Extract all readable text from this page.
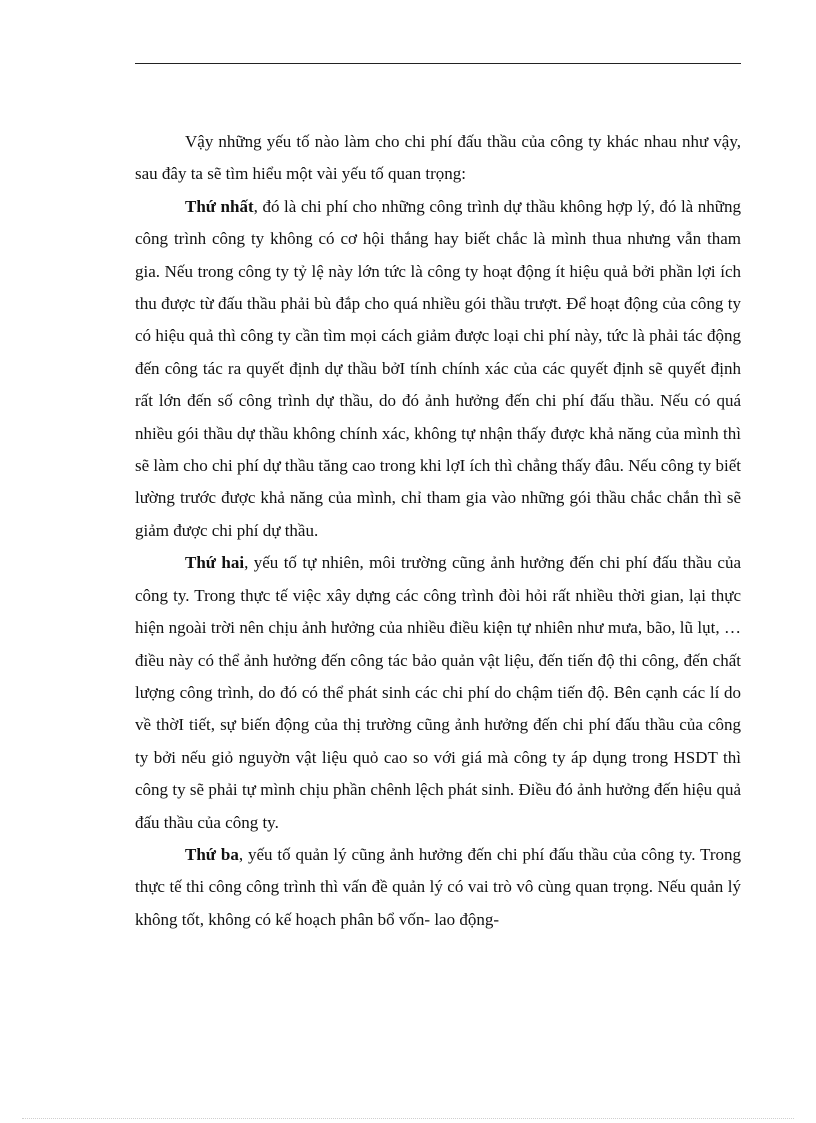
Vậy những yếu tố nào làm cho chi phí đấu thầu của công ty khác nhau như vậy, sau đây ta sẽ tìm hiểu một vài yếu tố quan trọng:

Thứ nhất, đó là chi phí cho những công trình dự thầu không hợp lý, đó là những công trình công ty không có cơ hội thắng hay biết chắc là mình thua nhưng vẫn tham gia. Nếu trong công ty tỷ lệ này lớn tức là công ty hoạt động ít hiệu quả bởi phần lợi ích thu được từ đấu thầu phải bù đắp cho quá nhiều gói thầu trượt. Để hoạt động của công ty có hiệu quả thì công ty cần tìm mọi cách giảm được loại chi phí này, tức là phải tác động đến công tác ra quyết định dự thầu bởI tính chính xác của các quyết định sẽ quyết định rất lớn đến số công trình dự thầu, do đó ảnh hưởng đến chi phí đấu thầu. Nếu có quá nhiều gói thầu dự thầu không chính xác, không tự nhận thấy được khả năng của mình thì sẽ làm cho chi phí dự thầu tăng cao trong khi lợI ích thì chẳng thấy đâu. Nếu công ty biết lường trước được khả năng của mình, chỉ tham gia vào những gói thầu chắc chắn thì sẽ giảm được chi phí dự thầu.

Thứ hai, yếu tố tự nhiên, môi trường cũng ảnh hưởng đến chi phí đấu thầu của công ty. Trong thực tế việc xây dựng các công trình đòi hỏi rất nhiều thời gian, lại thực hiện ngoài trời nên chịu ảnh hưởng của nhiều điều kiện tự nhiên như mưa, bão, lũ lụt, … điều này có thể ảnh hưởng đến công tác bảo quản vật liệu, đến tiến độ thi công, đến chất lượng công trình, do đó có thể phát sinh các chi phí do chậm tiến độ. Bên cạnh các lí do về thờI tiết, sự biến động của thị trường cũng ảnh hưởng đến chi phí đấu thầu của công ty bởi nếu giỏ nguyờn vật liệu quỏ cao so với giá mà công ty áp dụng trong HSDT thì công ty sẽ phải tự mình chịu phần chênh lệch phát sinh. Điều đó ảnh hưởng đến hiệu quả đấu thầu của công ty.

Thứ ba, yếu tố quản lý cũng ảnh hưởng đến chi phí đấu thầu của công ty. Trong thực tế thi công công trình thì vấn đề quản lý có vai trò vô cùng quan trọng. Nếu quản lý không tốt, không có kế hoạch phân bổ vốn- lao động-
